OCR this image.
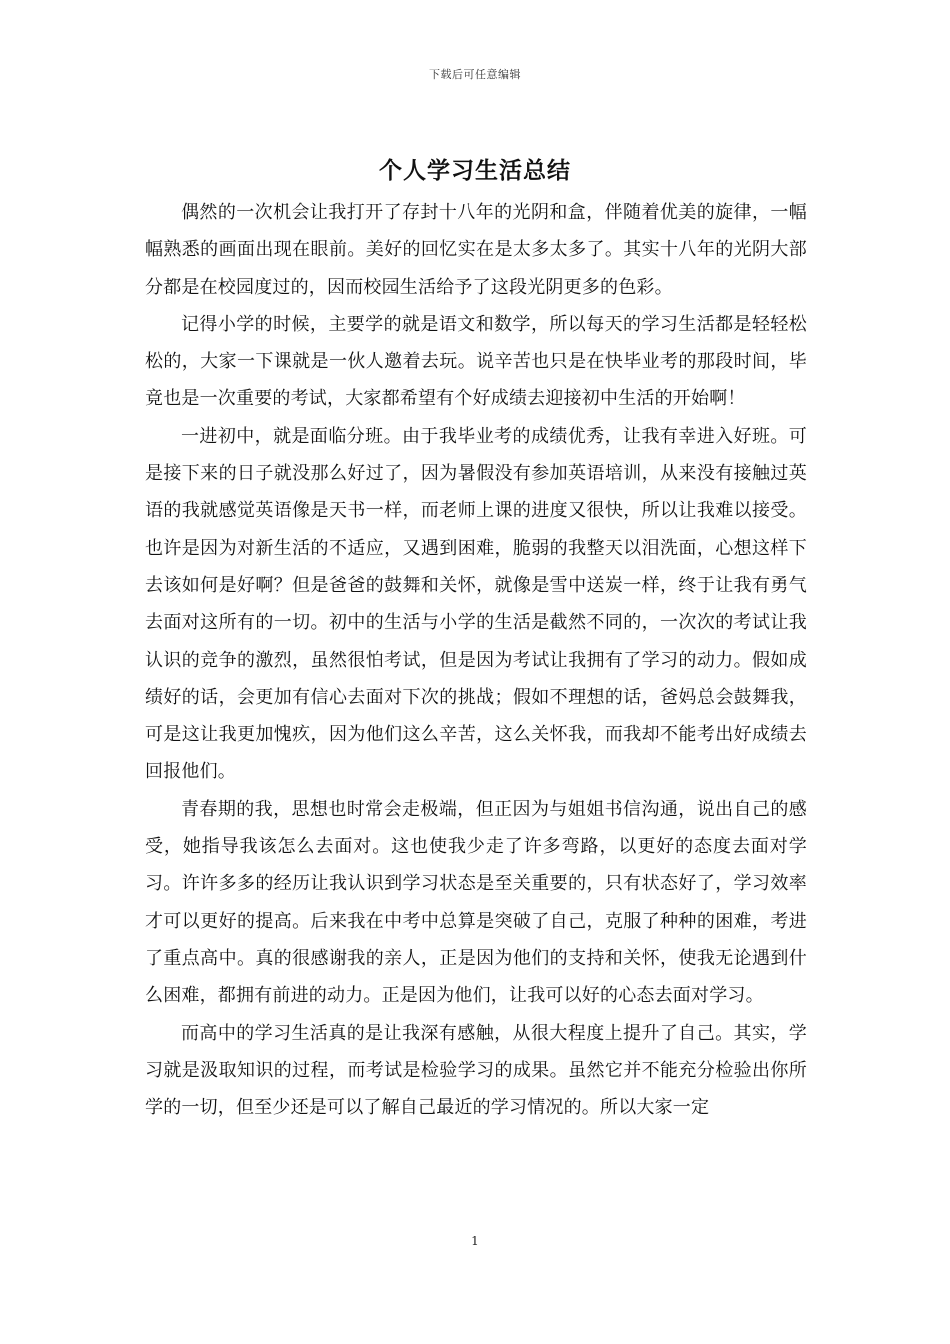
下载后可任意编辑
个人学习生活总结

偶然的一次机会让我打开了存封十八年的光阴和盒，伴随着优美的旋律，一幅幅熟悉的画面出现在眼前。美好的回忆实在是太多太多了。其实十八年的光阴大部分都是在校园度过的，因而校园生活给予了这段光阴更多的色彩。

记得小学的时候，主要学的就是语文和数学，所以每天的学习生活都是轻轻松松的，大家一下课就是一伙人邀着去玩。说辛苦也只是在快毕业考的那段时间，毕竟也是一次重要的考试，大家都希望有个好成绩去迎接初中生活的开始啊！

一进初中，就是面临分班。由于我毕业考的成绩优秀，让我有幸进入好班。可是接下来的日子就没那么好过了，因为暑假没有参加英语培训，从来没有接触过英语的我就感觉英语像是天书一样，而老师上课的进度又很快，所以让我难以接受。也许是因为对新生活的不适应，又遇到困难，脆弱的我整天以泪洗面，心想这样下去该如何是好啊？但是爸爸的鼓舞和关怀，就像是雪中送炭一样，终于让我有勇气去面对这所有的一切。初中的生活与小学的生活是截然不同的，一次次的考试让我认识的竞争的激烈，虽然很怕考试，但是因为考试让我拥有了学习的动力。假如成绩好的话，会更加有信心去面对下次的挑战；假如不理想的话，爸妈总会鼓舞我，可是这让我更加愧疚，因为他们这么辛苦，这么关怀我，而我却不能考出好成绩去回报他们。

青春期的我，思想也时常会走极端，但正因为与姐姐书信沟通，说出自己的感受，她指导我该怎么去面对。这也使我少走了许多弯路，以更好的态度去面对学习。许许多多的经历让我认识到学习状态是至关重要的，只有状态好了，学习效率才可以更好的提高。后来我在中考中总算是突破了自己，克服了种种的困难，考进了重点高中。真的很感谢我的亲人，正是因为他们的支持和关怀，使我无论遇到什么困难，都拥有前进的动力。正是因为他们，让我可以好的心态去面对学习。

而高中的学习生活真的是让我深有感触，从很大程度上提升了自己。其实，学习就是汲取知识的过程，而考试是检验学习的成果。虽然它并不能充分检验出你所学的一切，但至少还是可以了解自己最近的学习情况的。所以大家一定

1
